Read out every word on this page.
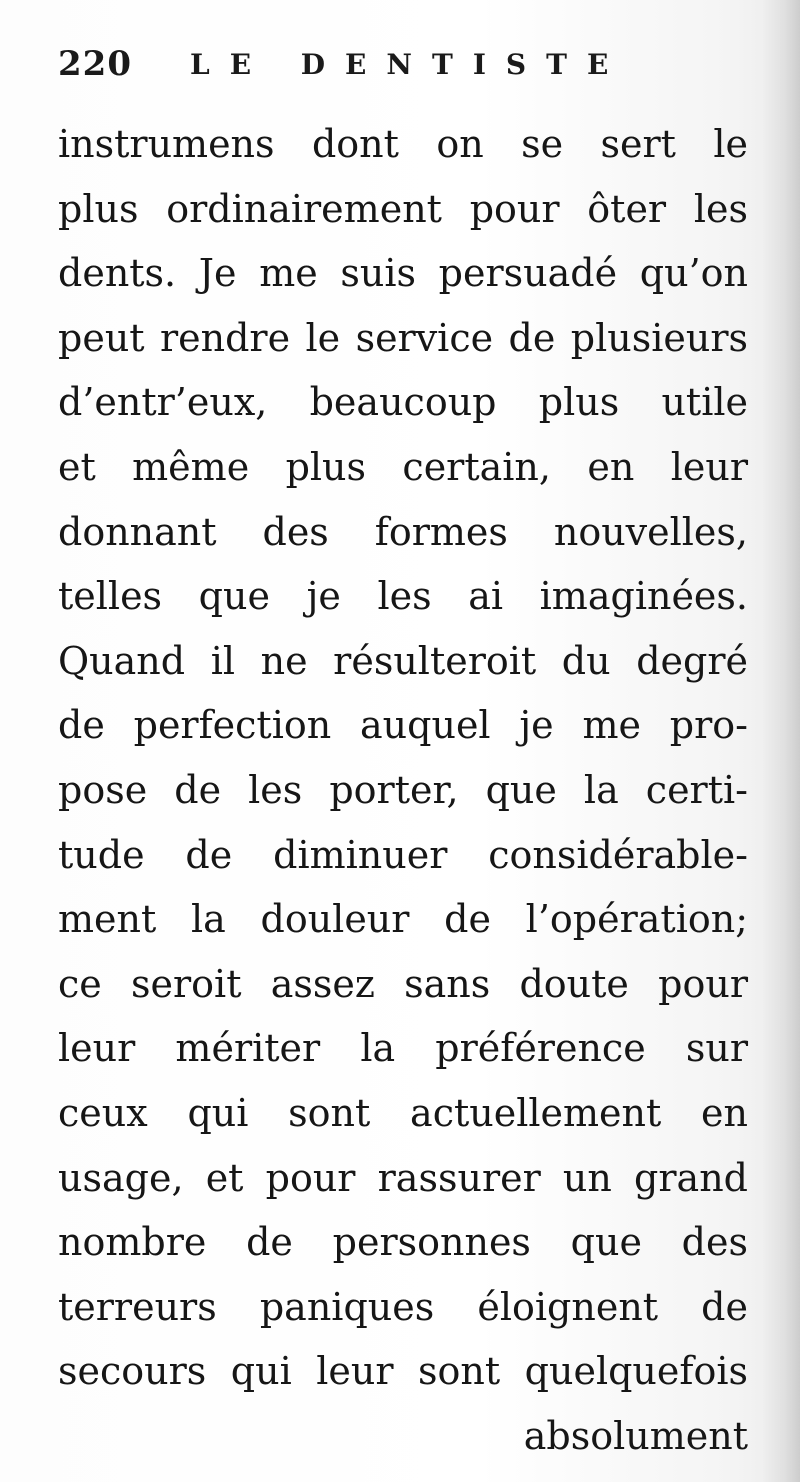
220 LE DENTISTE
instrumens dont on se sert le
plus ordinairement pour ôter les
dents. Je me suis persuadé qu’on
peut rendre le service de plusieurs
d’entr’eux, beaucoup plus utile
et même plus certain, en leur
donnant des formes nouvelles,
telles que je les ai imaginées.
Quand il ne résulteroit du degré
de perfection auquel je me pro-
pose de les porter, que la certi-
tude de diminuer considérable-
ment la douleur de l’opération;
ce seroit assez sans doute pour
leur mériter la préférence sur
ceux qui sont actuellement en
usage, et pour rassurer un grand
nombre de personnes que des
terreurs paniques éloignent de
secours qui leur sont quelquefois
absolument
